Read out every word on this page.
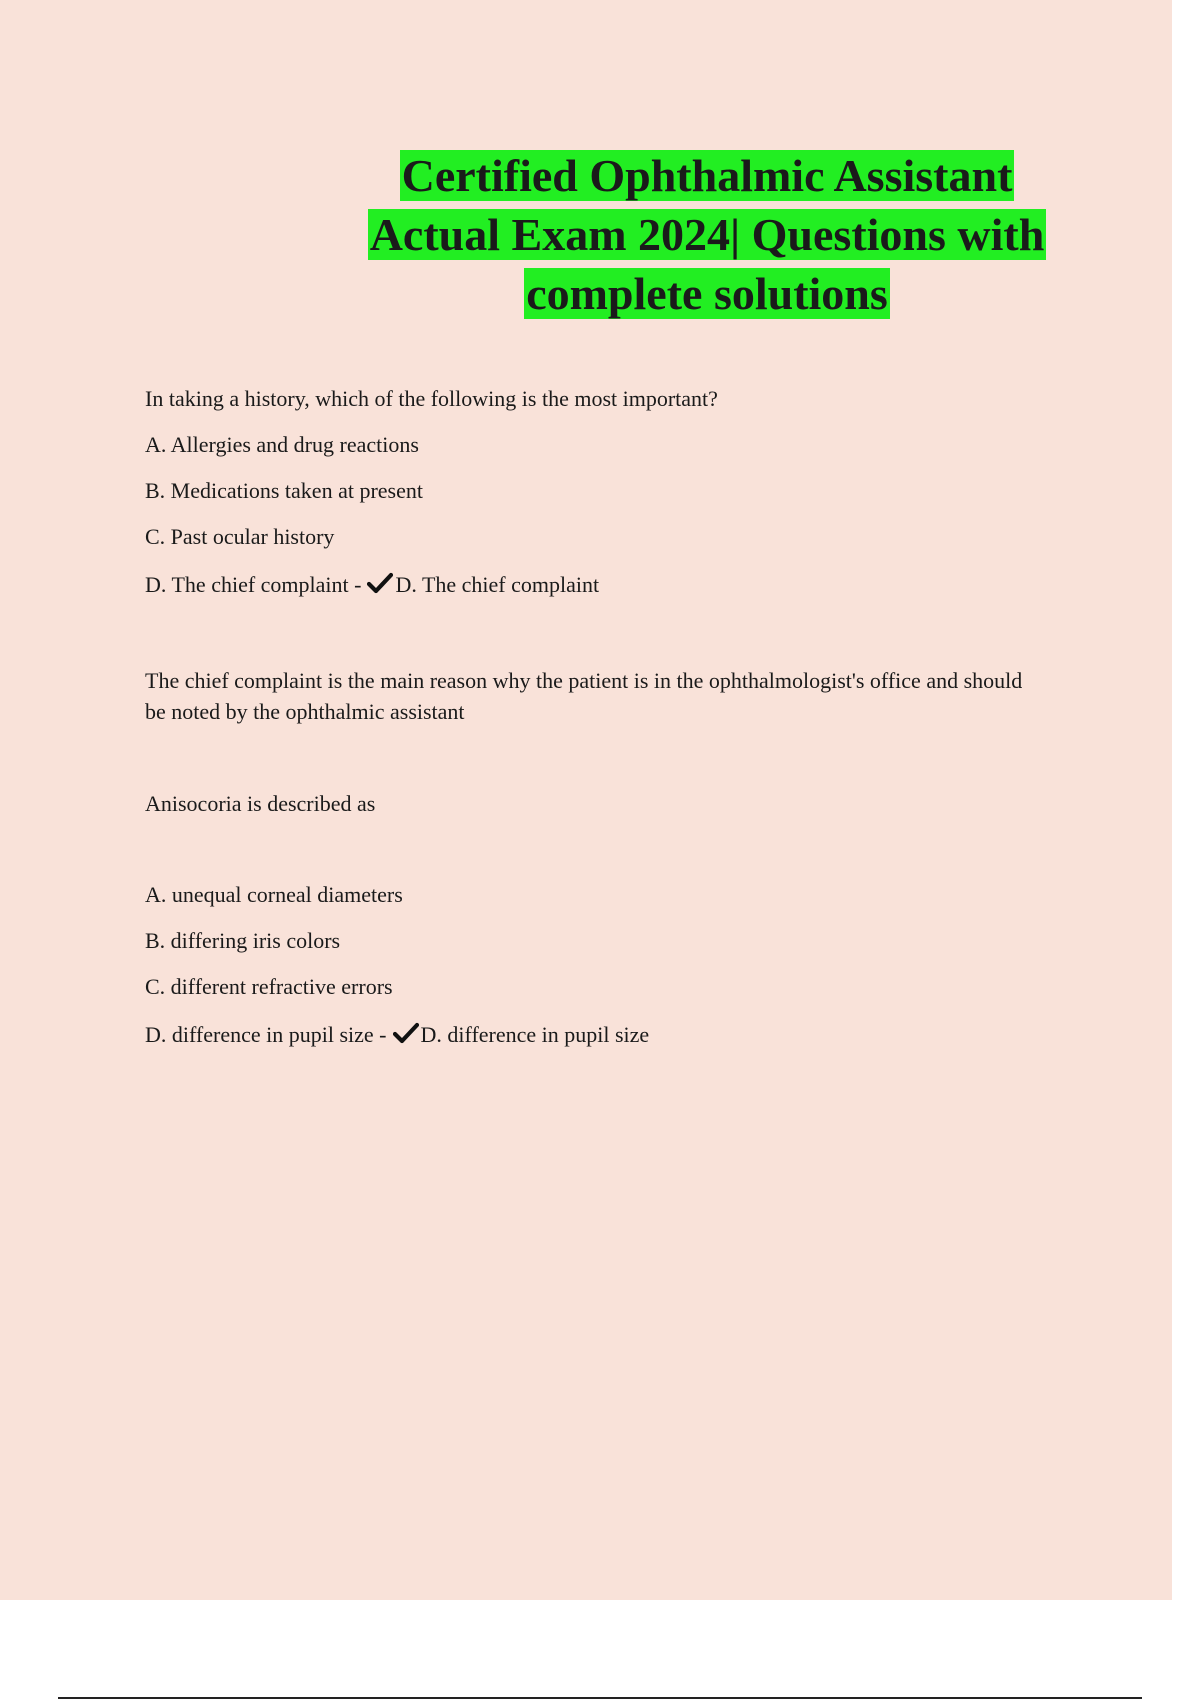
Certified Ophthalmic Assistant
Actual Exam 2024| Questions with
complete solutions
In taking a history, which of the following is the most important?
A. Allergies and drug reactions
B. Medications taken at present
C. Past ocular history
D. The chief complaint - D. The chief complaint
The chief complaint is the main reason why the patient is in the ophthalmologist's office and should be noted by the ophthalmic assistant
Anisocoria is described as
A. unequal corneal diameters
B. differing iris colors
C. different refractive errors
D. difference in pupil size - D. difference in pupil size
